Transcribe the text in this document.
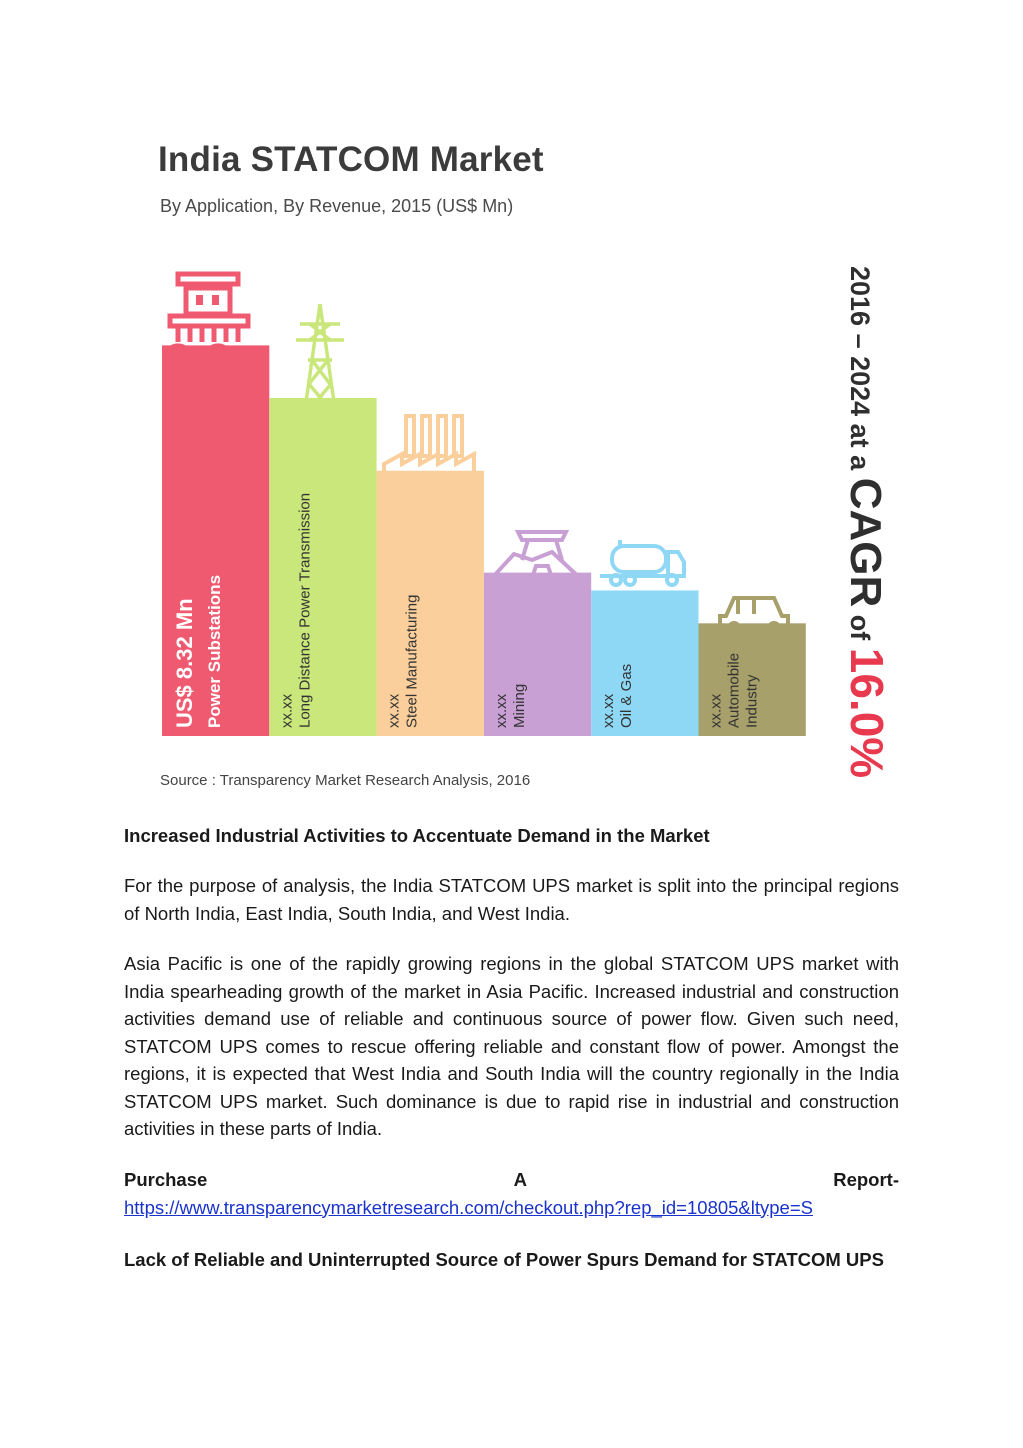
India STATCOM Market
By Application, By Revenue, 2015 (US$ Mn)
US$ 8.32 Mn Power Substations	xx.xxLong Distance Power Transmission	xx.xxSteel Manufacturing	xx.xxMining	xx.xxOil & Gas	xx.xxAutomobileIndustry
2016 – 2024 at a CAGR of 16.0%
Source : Transparency Market Research Analysis, 2016

Increased Industrial Activities to Accentuate Demand in the Market

For the purpose of analysis, the India STATCOM UPS market is split into the principal regions of North India, East India, South India, and West India.

Asia Pacific is one of the rapidly growing regions in the global STATCOM UPS market with India spearheading growth of the market in Asia Pacific. Increased industrial and construction activities demand use of reliable and continuous source of power flow. Given such need, STATCOM UPS comes to rescue offering reliable and constant flow of power. Amongst the regions, it is expected that West India and South India will the country regionally in the India STATCOM UPS market. Such dominance is due to rapid rise in industrial and construction activities in these parts of India.

Purchase	A	Report-
https://www.transparencymarketresearch.com/checkout.php?rep_id=10805&ltype=S

Lack of Reliable and Uninterrupted Source of Power Spurs Demand for STATCOM UPS
